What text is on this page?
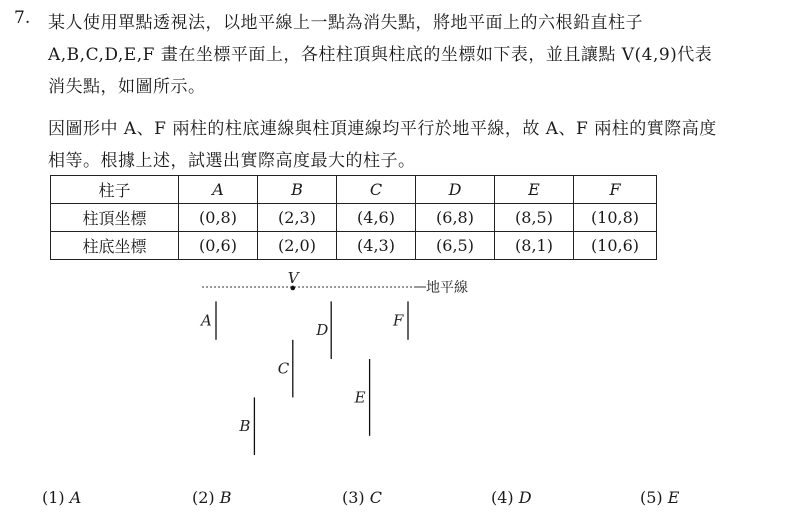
7. 某人使用單點透視法，以地平線上一點為消失點，將地平面上的六根鉛直柱子
A,B,C,D,E,F 畫在坐標平面上，各柱柱頂與柱底的坐標如下表，並且讓點 V(4,9)代表
消失點，如圖所示。
因圖形中 A、F 兩柱的柱底連線與柱頂連線均平行於地平線，故 A、F 兩柱的實際高度
相等。根據上述，試選出實際高度最大的柱子。
柱子	A	B	C	D	E	F
柱頂坐標	(0,8)	(2,3)	(4,6)	(6,8)	(8,5)	(10,8)
柱底坐標	(0,6)	(2,0)	(4,3)	(6,5)	(8,1)	(10,6)
地平線
V
A
B
C
D
E
F
(1) A	(2) B	(3) C	(4) D	(5) E
